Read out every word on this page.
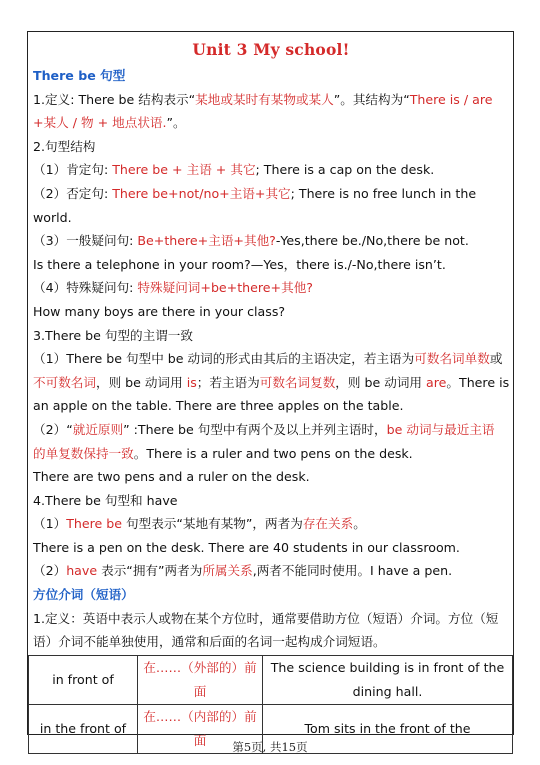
Unit 3 My school!
There be 句型
1.定义: There be 结构表示“某地或某时有某物或某人”。其结构为“There is / are
+某人 / 物 + 地点状语.”。
2.句型结构
（1）肯定句: There be + 主语 + 其它; There is a cap on the desk.
（2）否定句: There be+not/no+主语+其它; There is no free lunch in the
world.
（3）一般疑问句: Be+there+主语+其他?-Yes,there be./No,there be not.
Is there a telephone in your room?—Yes，there is./-No,there isn’t.
（4）特殊疑问句: 特殊疑问词+be+there+其他?
How many boys are there in your class?
3.There be 句型的主谓一致
（1）There be 句型中 be 动词的形式由其后的主语决定，若主语为可数名词单数或
不可数名词，则 be 动词用 is；若主语为可数名词复数，则 be 动词用 are。There is
an apple on the table. There are three apples on the table.
（2）“就近原则” :There be 句型中有两个及以上并列主语时，be 动词与最近主语
的单复数保持一致。There is a ruler and two pens on the desk.
There are two pens and a ruler on the desk.
4.There be 句型和 have
（1）There be 句型表示“某地有某物”，两者为存在关系。
There is a pen on the desk. There are 40 students in our classroom.
（2）have 表示“拥有”两者为所属关系,两者不能同时使用。I have a pen.
方位介词（短语）
1.定义：英语中表示人或物在某个方位时，通常要借助方位（短语）介词。方位（短语）介词不能单独使用，通常和后面的名词一起构成介词短语。
in front of	在……（外部的）前面	The science building is in front of the dining hall.
in the front of	在……（内部的）前面	Tom sits in the front of the
第5页, 共15页
